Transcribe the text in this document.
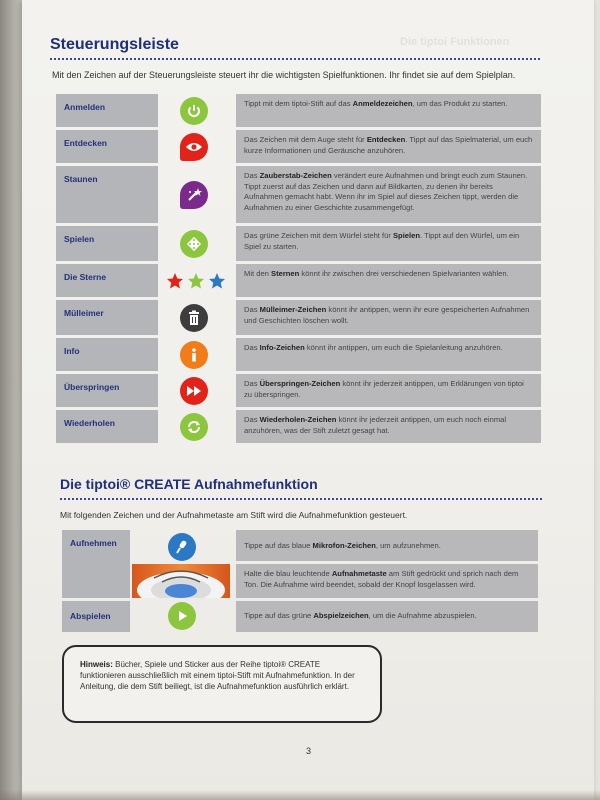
Die tiptoi Funktionen
Steuerungsleiste
Mit den Zeichen auf der Steuerungsleiste steuert ihr die wichtigsten Spielfunktionen. Ihr findet sie auf dem Spielplan.
Anmelden	Tippt mit dem tiptoi-Stift auf das Anmeldezeichen, um das Produkt zu starten.
Entdecken	Das Zeichen mit dem Auge steht für Entdecken. Tippt auf das Spielmaterial, um euch kurze Informationen und Geräusche anzuhören.
Staunen	Das Zauberstab-Zeichen verändert eure Aufnahmen und bringt euch zum Staunen. Tippt zuerst auf das Zeichen und dann auf Bildkarten, zu denen ihr bereits Aufnahmen gemacht habt. Wenn ihr im Spiel auf dieses Zeichen tippt, werden die Aufnahmen zu einer Geschichte zusammengefügt.
Spielen	Das grüne Zeichen mit dem Würfel steht für Spielen. Tippt auf den Würfel, um ein Spiel zu starten.
Die Sterne	Mit den Sternen könnt ihr zwischen drei verschiedenen Spielvarianten wählen.
Mülleimer	Das Mülleimer-Zeichen könnt ihr antippen, wenn ihr eure gespeicherten Aufnahmen und Geschichten löschen wollt.
Info	Das Info-Zeichen könnt ihr antippen, um euch die Spielanleitung anzuhören.
Überspringen	Das Überspringen-Zeichen könnt ihr jederzeit antippen, um Erklärungen von tiptoi zu überspringen.
Wiederholen	Das Wiederholen-Zeichen könnt ihr jederzeit antippen, um euch noch einmal anzuhören, was der Stift zuletzt gesagt hat.
Die tiptoi® CREATE Aufnahmefunktion
Mit folgenden Zeichen und der Aufnahmetaste am Stift wird die Aufnahmefunktion gesteuert.
Aufnehmen	Tippe auf das blaue Mikrofon-Zeichen, um aufzunehmen.
Halte die blau leuchtende Aufnahmetaste am Stift gedrückt und sprich nach dem Ton. Die Aufnahme wird beendet, sobald der Knopf losgelassen wird.
Abspielen	Tippe auf das grüne Abspielzeichen, um die Aufnahme abzuspielen.
Hinweis: Bücher, Spiele und Sticker aus der Reihe tiptoi® CREATE funktionieren ausschließlich mit einem tiptoi-Stift mit Aufnahmefunktion. In der Anleitung, die dem Stift beiliegt, ist die Aufnahmefunktion ausführlich erklärt.
3
